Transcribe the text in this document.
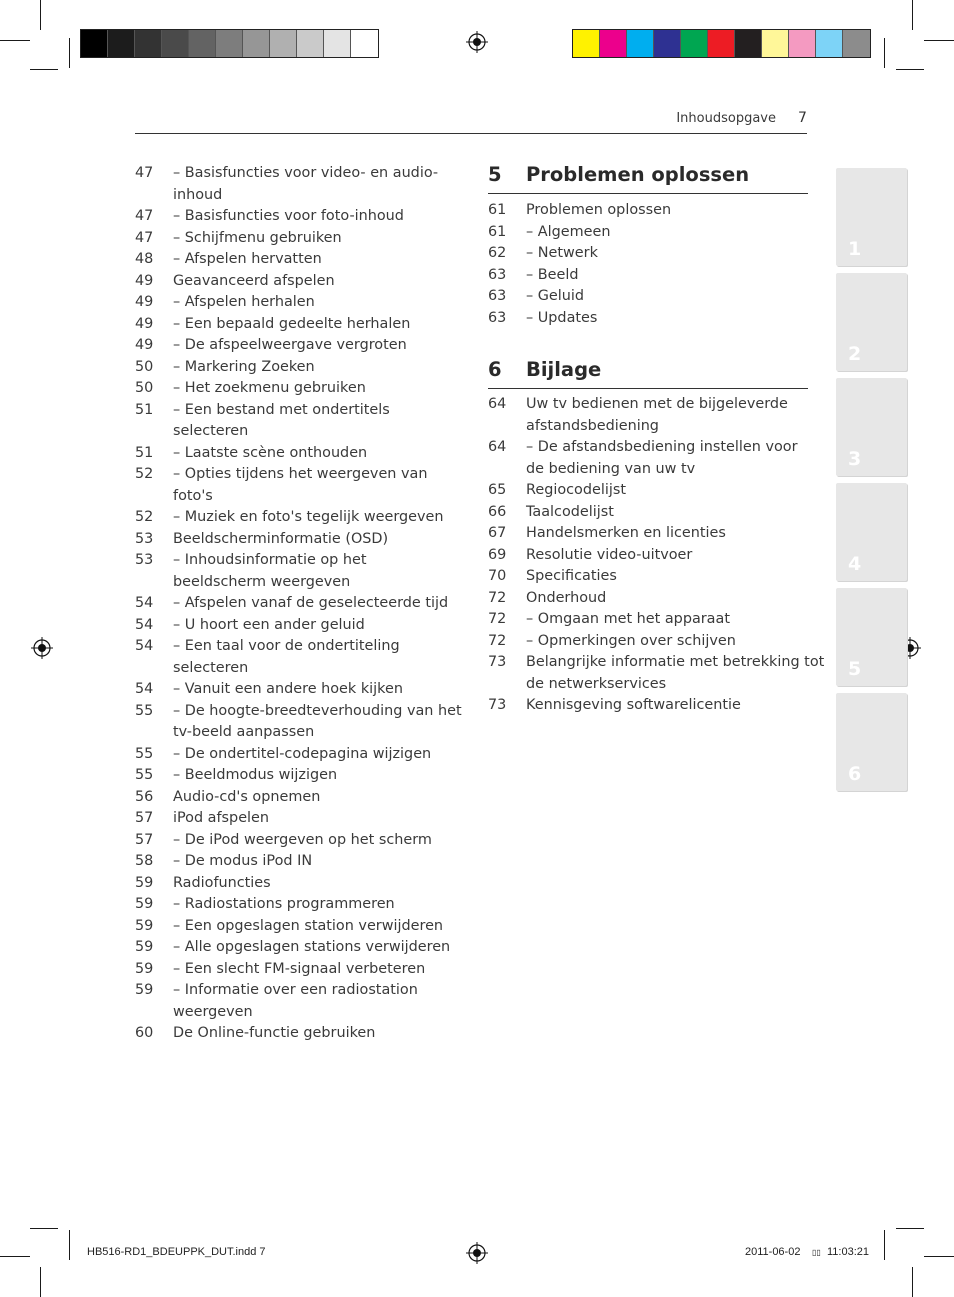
Inhoudsopgave 7
47	– Basisfuncties voor video- en audio-
inhoud
47	– Basisfuncties voor foto-inhoud
47	– Schijfmenu gebruiken
48	– Afspelen hervatten
49	Geavanceerd afspelen
49	– Afspelen herhalen
49	– Een bepaald gedeelte herhalen
49	– De afspeelweergave vergroten
50	– Markering Zoeken
50	– Het zoekmenu gebruiken
51	– Een bestand met ondertitels
selecteren
51	– Laatste scène onthouden
52	– Opties tijdens het weergeven van
foto's
52	– Muziek en foto's tegelijk weergeven
53	Beeldscherminformatie (OSD)
53	– Inhoudsinformatie op het
beeldscherm weergeven
54	– Afspelen vanaf de geselecteerde tijd
54	– U hoort een ander geluid
54	– Een taal voor de ondertiteling
selecteren
54	– Vanuit een andere hoek kijken
55	– De hoogte-breedteverhouding van het
tv-beeld aanpassen
55	– De ondertitel-codepagina wijzigen
55	– Beeldmodus wijzigen
56	Audio-cd's opnemen
57	iPod afspelen
57	– De iPod weergeven op het scherm
58	– De modus iPod IN
59	Radiofuncties
59	– Radiostations programmeren
59	– Een opgeslagen station verwijderen
59	– Alle opgeslagen stations verwijderen
59	– Een slecht FM-signaal verbeteren
59	– Informatie over een radiostation
weergeven
60	De Online-functie gebruiken
5 Problemen oplossen
61	Problemen oplossen
61	– Algemeen
62	– Netwerk
63	– Beeld
63	– Geluid
63	– Updates
6 Bijlage
64	Uw tv bedienen met de bijgeleverde
afstandsbediening
64	– De afstandsbediening instellen voor
de bediening van uw tv
65	Regiocodelijst
66	Taalcodelijst
67	Handelsmerken en licenties
69	Resolutie video-uitvoer
70	Specificaties
72	Onderhoud
72	– Omgaan met het apparaat
72	– Opmerkingen over schijven
73	Belangrijke informatie met betrekking tot
de netwerkservices
73	Kennisgeving softwarelicentie
1
2
3
4
5
6
HB516-RD1_BDEUPPK_DUT.indd 7	2011-06-02 ▯▯ 11:03:21
